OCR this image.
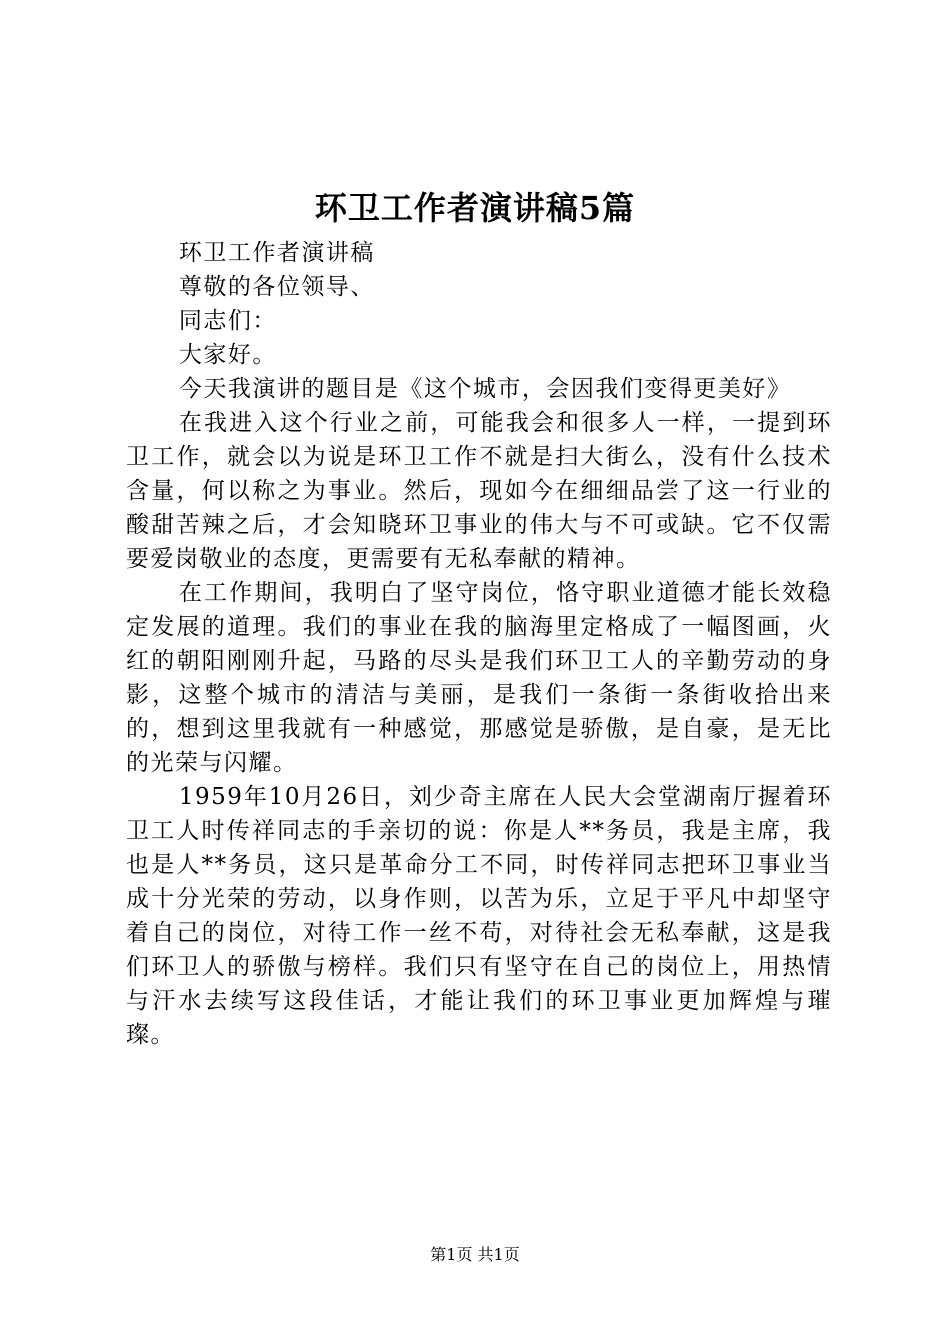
环卫工作者演讲稿5篇

环卫工作者演讲稿

尊敬的各位领导、

同志们：

大家好。

今天我演讲的题目是《这个城市，会因我们变得更美好》

在我进入这个行业之前，可能我会和很多人一样，一提到环卫工作，就会以为说是环卫工作不就是扫大街么，没有什么技术含量，何以称之为事业。然后，现如今在细细品尝了这一行业的酸甜苦辣之后，才会知晓环卫事业的伟大与不可或缺。它不仅需要爱岗敬业的态度，更需要有无私奉献的精神。

在工作期间，我明白了坚守岗位，恪守职业道德才能长效稳定发展的道理。我们的事业在我的脑海里定格成了一幅图画，火红的朝阳刚刚升起，马路的尽头是我们环卫工人的辛勤劳动的身影，这整个城市的清洁与美丽，是我们一条街一条街收拾出来的，想到这里我就有一种感觉，那感觉是骄傲，是自豪，是无比的光荣与闪耀。

1959年10月26日，刘少奇主席在人民大会堂湖南厅握着环卫工人时传祥同志的手亲切的说：你是人**务员，我是主席，我也是人**务员，这只是革命分工不同，时传祥同志把环卫事业当成十分光荣的劳动，以身作则，以苦为乐，立足于平凡中却坚守着自己的岗位，对待工作一丝不苟，对待社会无私奉献，这是我们环卫人的骄傲与榜样。我们只有坚守在自己的岗位上，用热情与汗水去续写这段佳话，才能让我们的环卫事业更加辉煌与璀璨。

第1页 共1页
